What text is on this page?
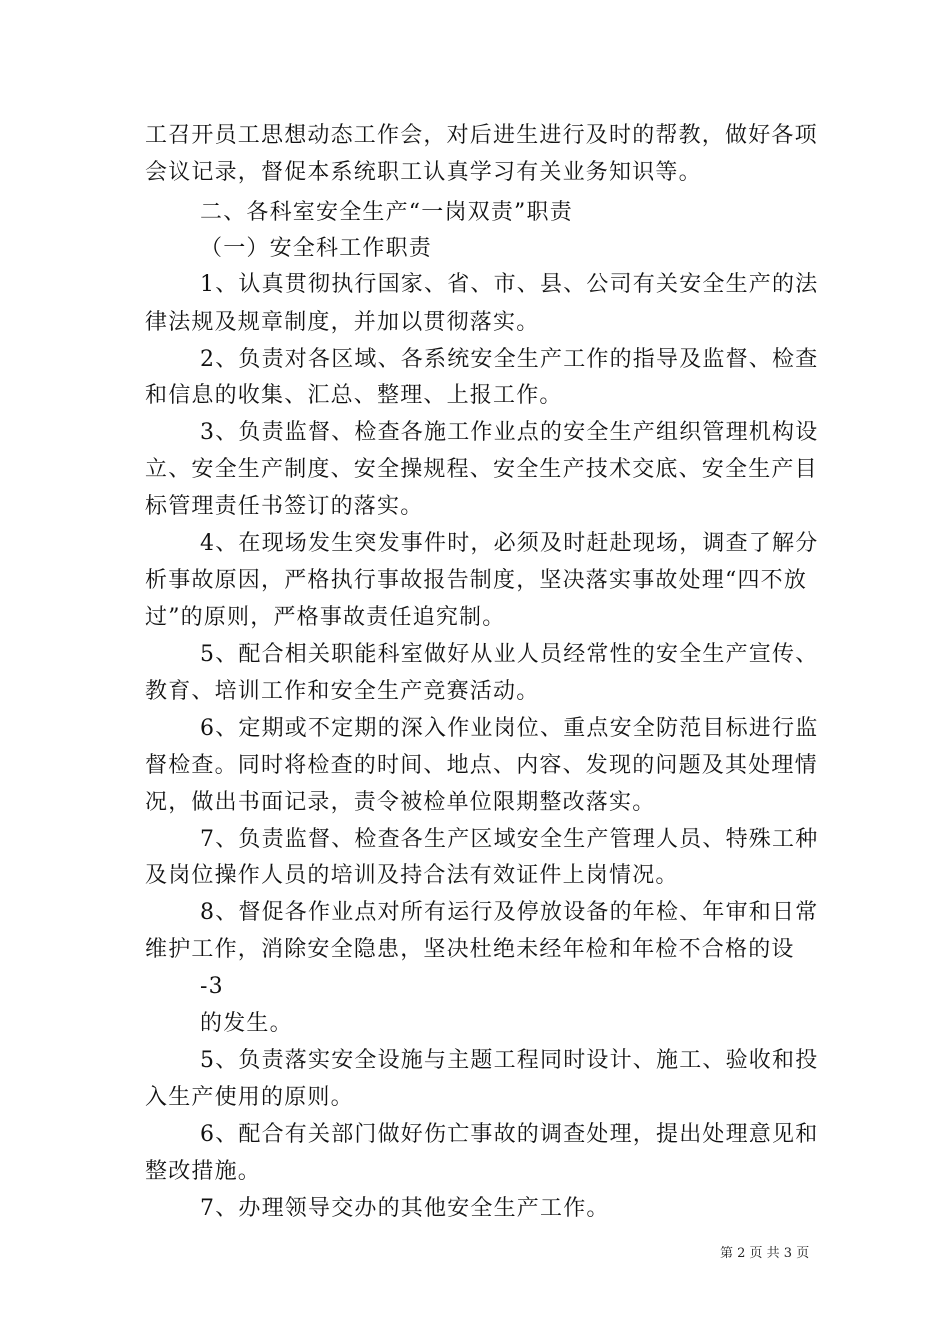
工召开员工思想动态工作会，对后进生进行及时的帮教，做好各项
会议记录，督促本系统职工认真学习有关业务知识等。
二、各科室安全生产“一岗双责”职责
（一）安全科工作职责
1、认真贯彻执行国家、省、市、县、公司有关安全生产的法
律法规及规章制度，并加以贯彻落实。
2、负责对各区域、各系统安全生产工作的指导及监督、检查
和信息的收集、汇总、整理、上报工作。
3、负责监督、检查各施工作业点的安全生产组织管理机构设
立、安全生产制度、安全操规程、安全生产技术交底、安全生产目
标管理责任书签订的落实。
4、在现场发生突发事件时，必须及时赶赴现场，调查了解分
析事故原因，严格执行事故报告制度，坚决落实事故处理“四不放
过”的原则，严格事故责任追究制。
5、配合相关职能科室做好从业人员经常性的安全生产宣传、
教育、培训工作和安全生产竞赛活动。
6、定期或不定期的深入作业岗位、重点安全防范目标进行监
督检查。同时将检查的时间、地点、内容、发现的问题及其处理情
况，做出书面记录，责令被检单位限期整改落实。
7、负责监督、检查各生产区域安全生产管理人员、特殊工种
及岗位操作人员的培训及持合法有效证件上岗情况。
8、督促各作业点对所有运行及停放设备的年检、年审和日常
维护工作，消除安全隐患，坚决杜绝未经年检和年检不合格的设
-3
的发生。
5、负责落实安全设施与主题工程同时设计、施工、验收和投
入生产使用的原则。
6、配合有关部门做好伤亡事故的调查处理，提出处理意见和
整改措施。
7、办理领导交办的其他安全生产工作。
第 2 页 共 3 页
